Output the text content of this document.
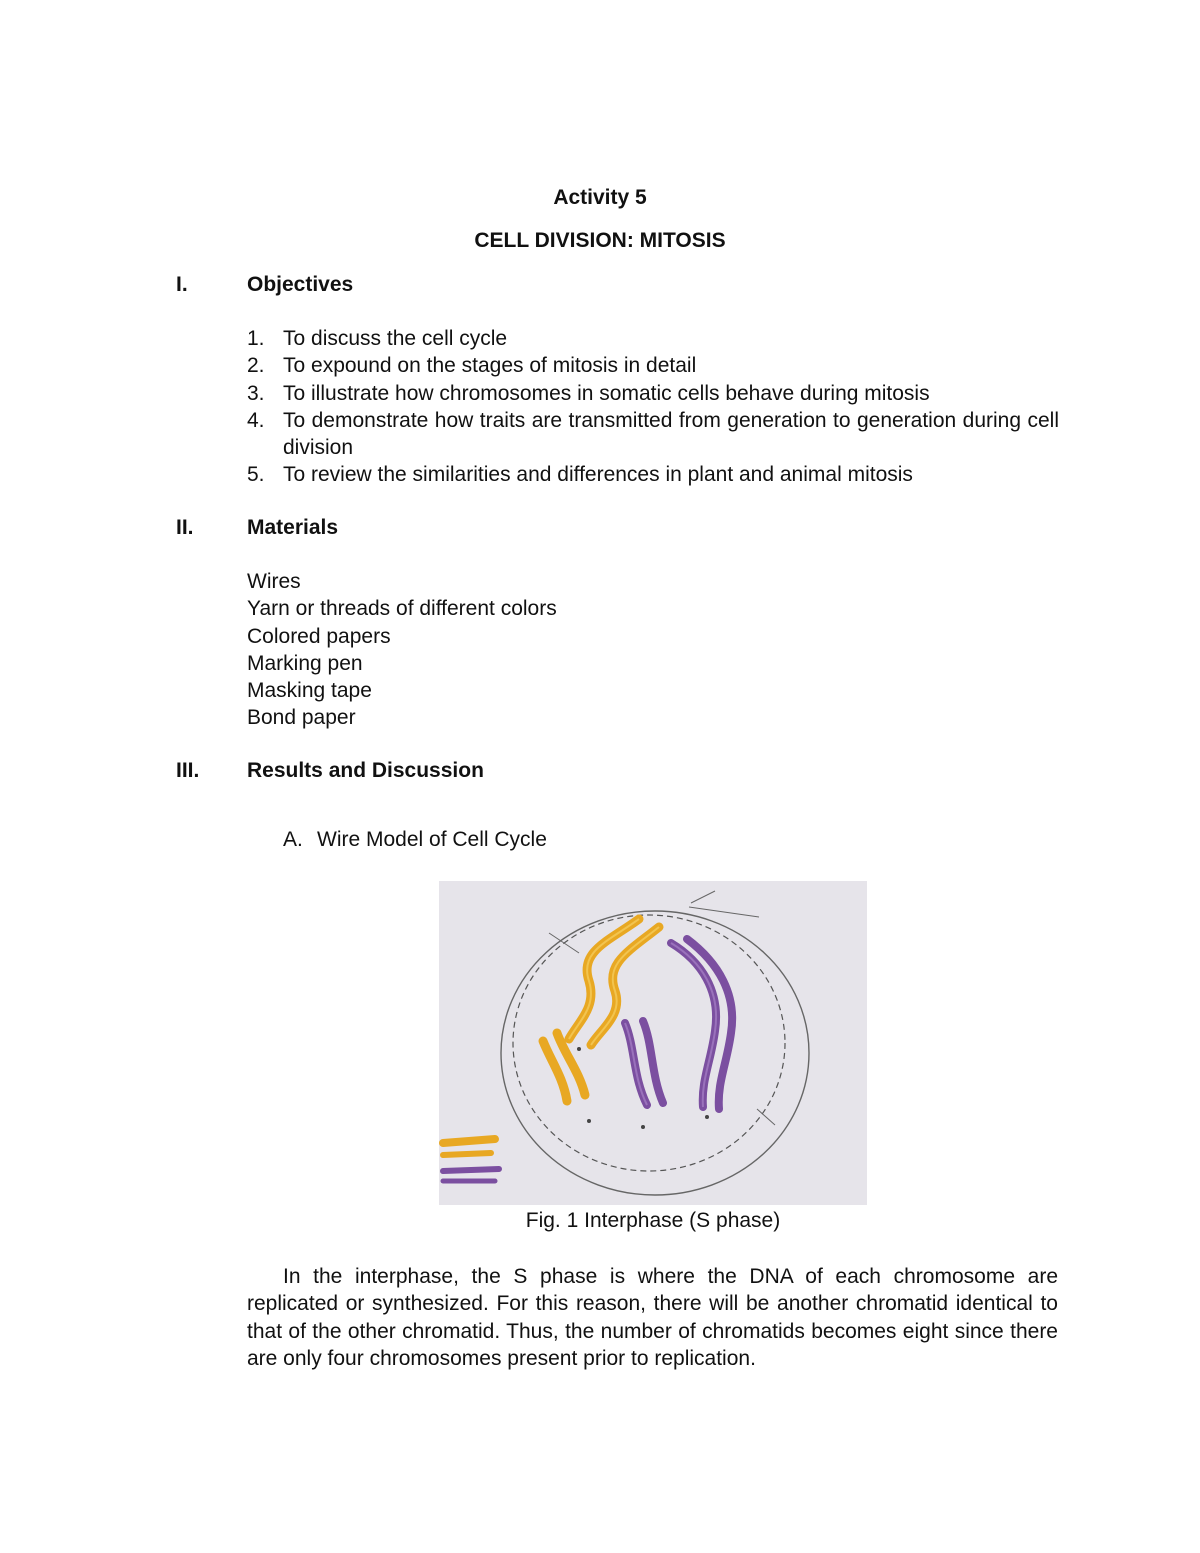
Activity 5
CELL DIVISION: MITOSIS
I.	Objectives
1. To discuss the cell cycle
2. To expound on the stages of mitosis in detail
3. To illustrate how chromosomes in somatic cells behave during mitosis
4. To demonstrate how traits are transmitted from generation to generation during cell division
5. To review the similarities and differences in plant and animal mitosis
II.	Materials
Wires
Yarn or threads of different colors
Colored papers
Marking pen
Masking tape
Bond paper
III. Results and Discussion
A. Wire Model of Cell Cycle
Fig. 1 Interphase (S phase)

In the interphase, the S phase is where the DNA of each chromosome are replicated or synthesized. For this reason, there will be another chromatid identical to that of the other chromatid. Thus, the number of chromatids becomes eight since there are only four chromosomes present prior to replication.
